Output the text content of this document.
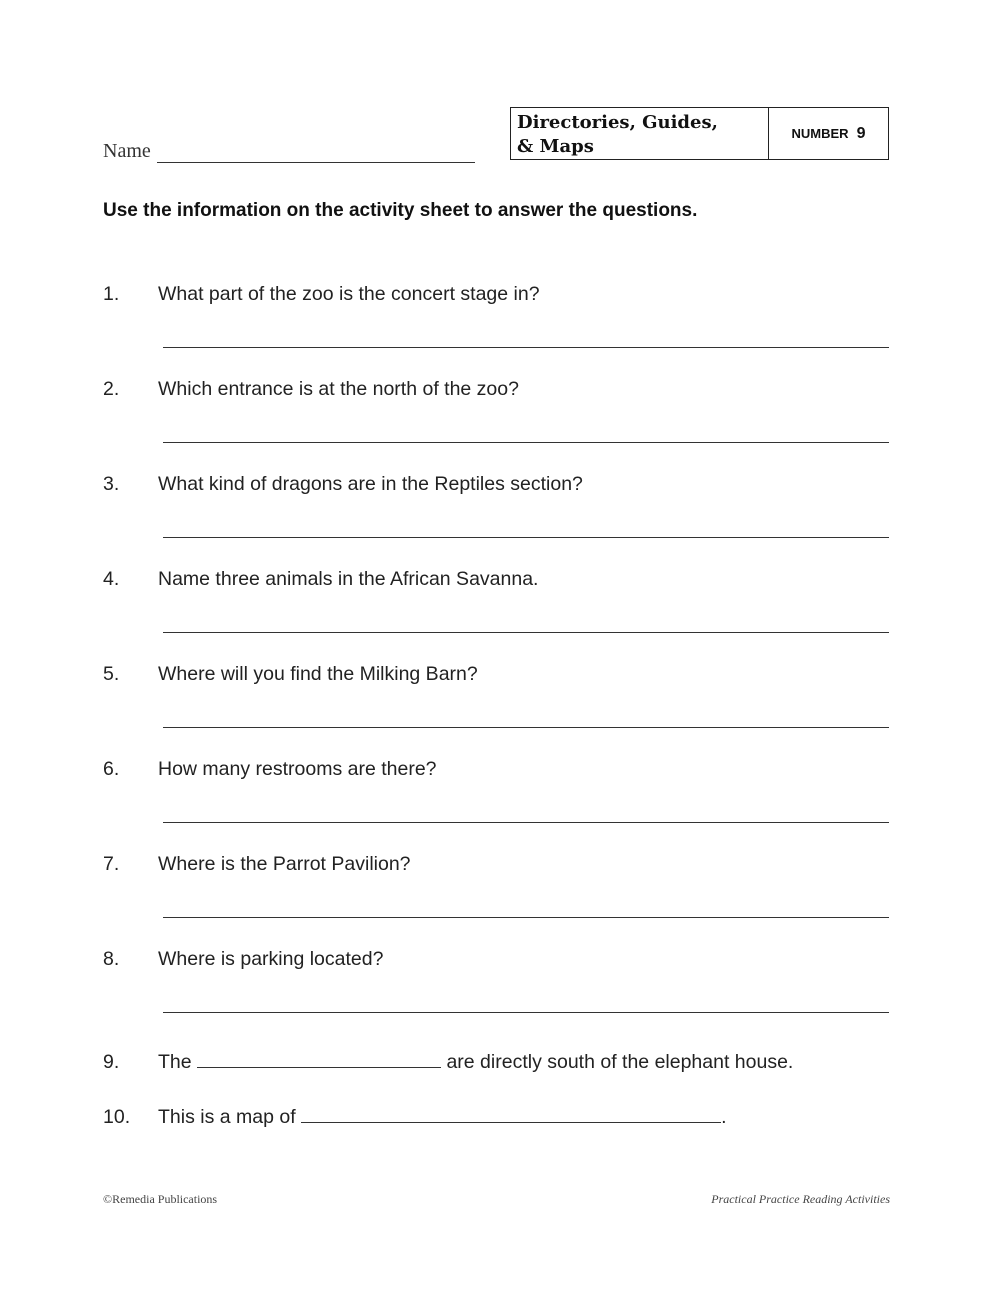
Name
Directories, Guides,
& Maps
NUMBER 9
Use the information on the activity sheet to answer the questions.
1.	What part of the zoo is the concert stage in?
2.	Which entrance is at the north of the zoo?
3.	What kind of dragons are in the Reptiles section?
4.	Name three animals in the African Savanna.
5.	Where will you find the Milking Barn?
6.	How many restrooms are there?
7.	Where is the Parrot Pavilion?
8.	Where is parking located?
9.	The	are directly south of the elephant house.
10.	This is a map of	.
©Remedia Publications	Practical Practice Reading Activities
